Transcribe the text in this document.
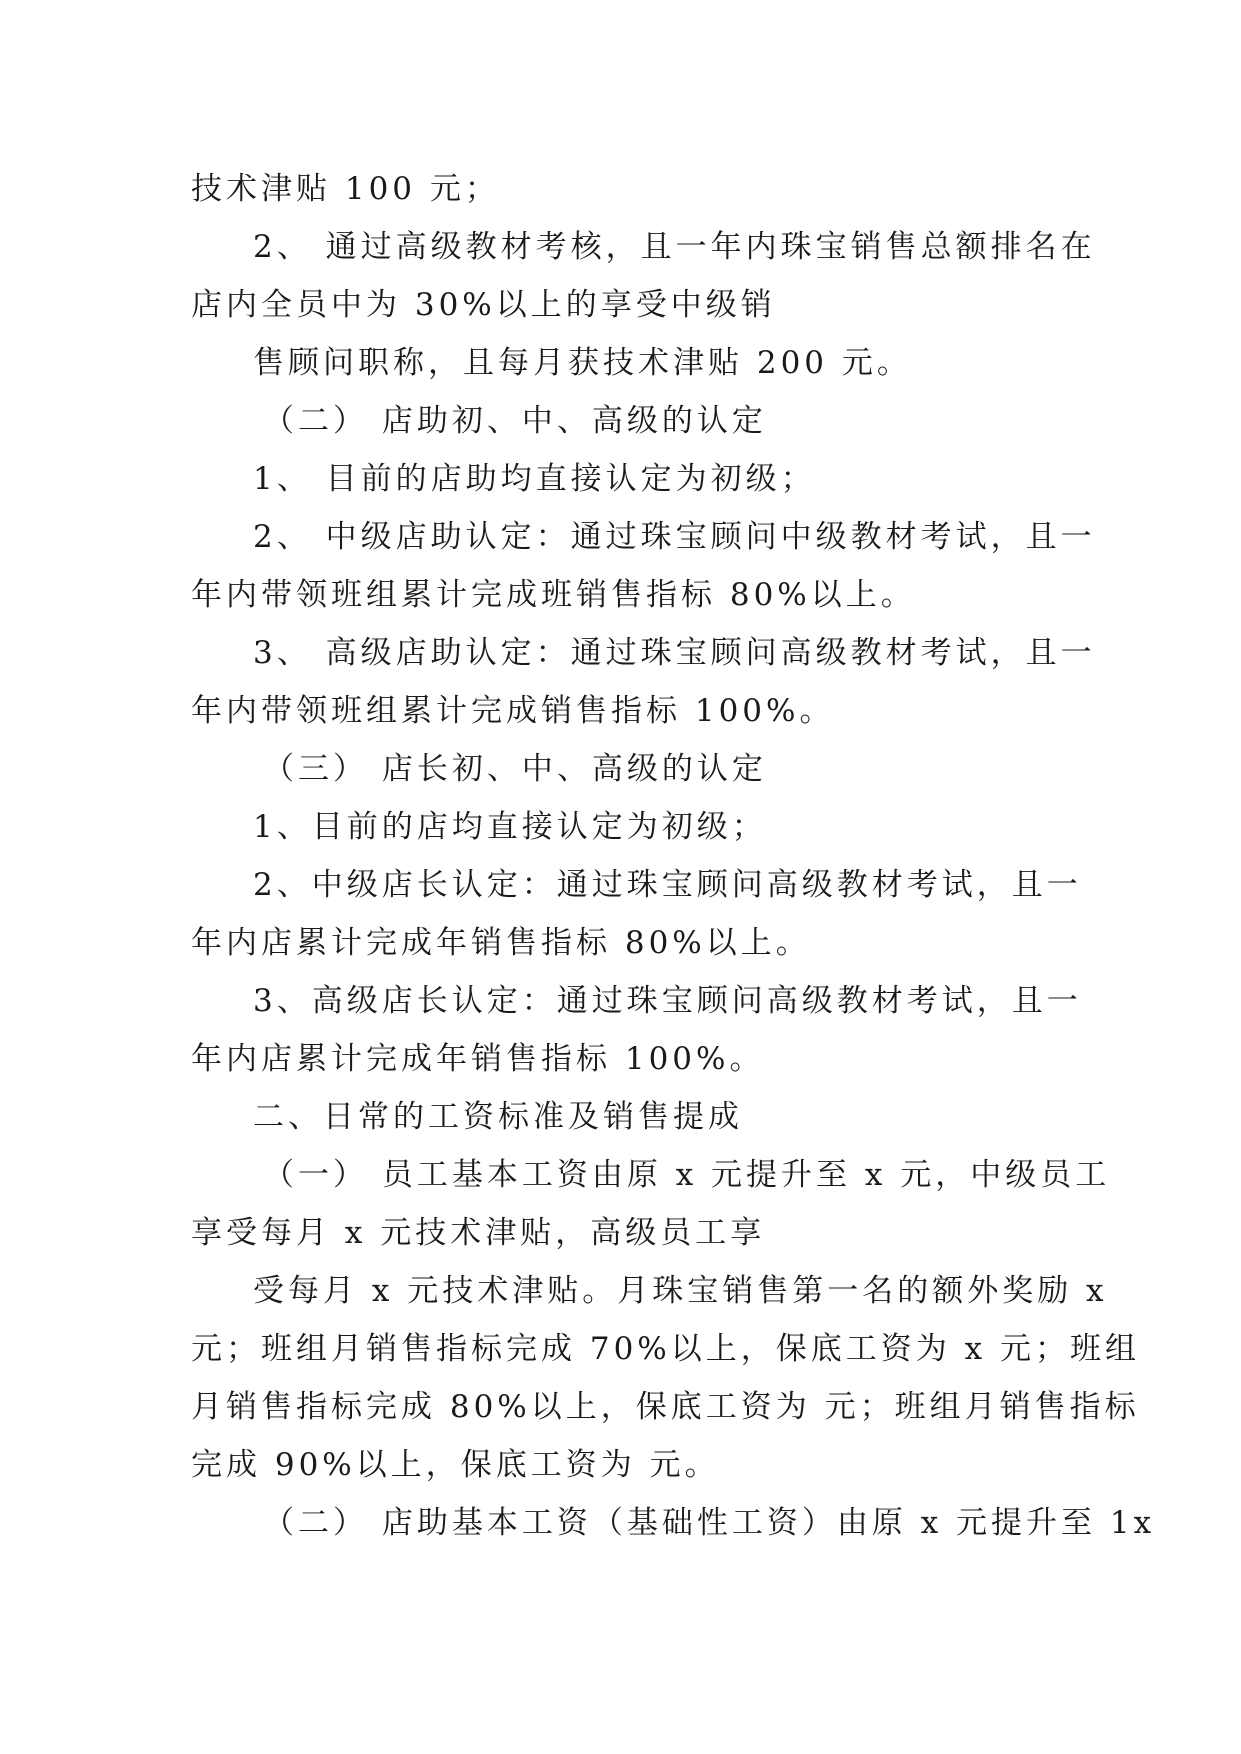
技术津贴 100 元；
2、 通过高级教材考核，且一年内珠宝销售总额排名在
店内全员中为 30%以上的享受中级销
售顾问职称，且每月获技术津贴 200 元。
（二） 店助初、中、高级的认定
1、 目前的店助均直接认定为初级；
2、 中级店助认定：通过珠宝顾问中级教材考试，且一
年内带领班组累计完成班销售指标 80%以上。
3、 高级店助认定：通过珠宝顾问高级教材考试，且一
年内带领班组累计完成销售指标 100%。
（三） 店长初、中、高级的认定
1、目前的店均直接认定为初级；
2、中级店长认定：通过珠宝顾问高级教材考试，且一
年内店累计完成年销售指标 80%以上。
3、高级店长认定：通过珠宝顾问高级教材考试，且一
年内店累计完成年销售指标 100%。
二、日常的工资标准及销售提成
（一） 员工基本工资由原 x 元提升至 x 元，中级员工
享受每月 x 元技术津贴，高级员工享
受每月 x 元技术津贴。月珠宝销售第一名的额外奖励 x
元；班组月销售指标完成 70%以上，保底工资为 x 元；班组
月销售指标完成 80%以上，保底工资为 元；班组月销售指标
完成 90%以上，保底工资为 元。
（二） 店助基本工资（基础性工资）由原 x 元提升至 1x
